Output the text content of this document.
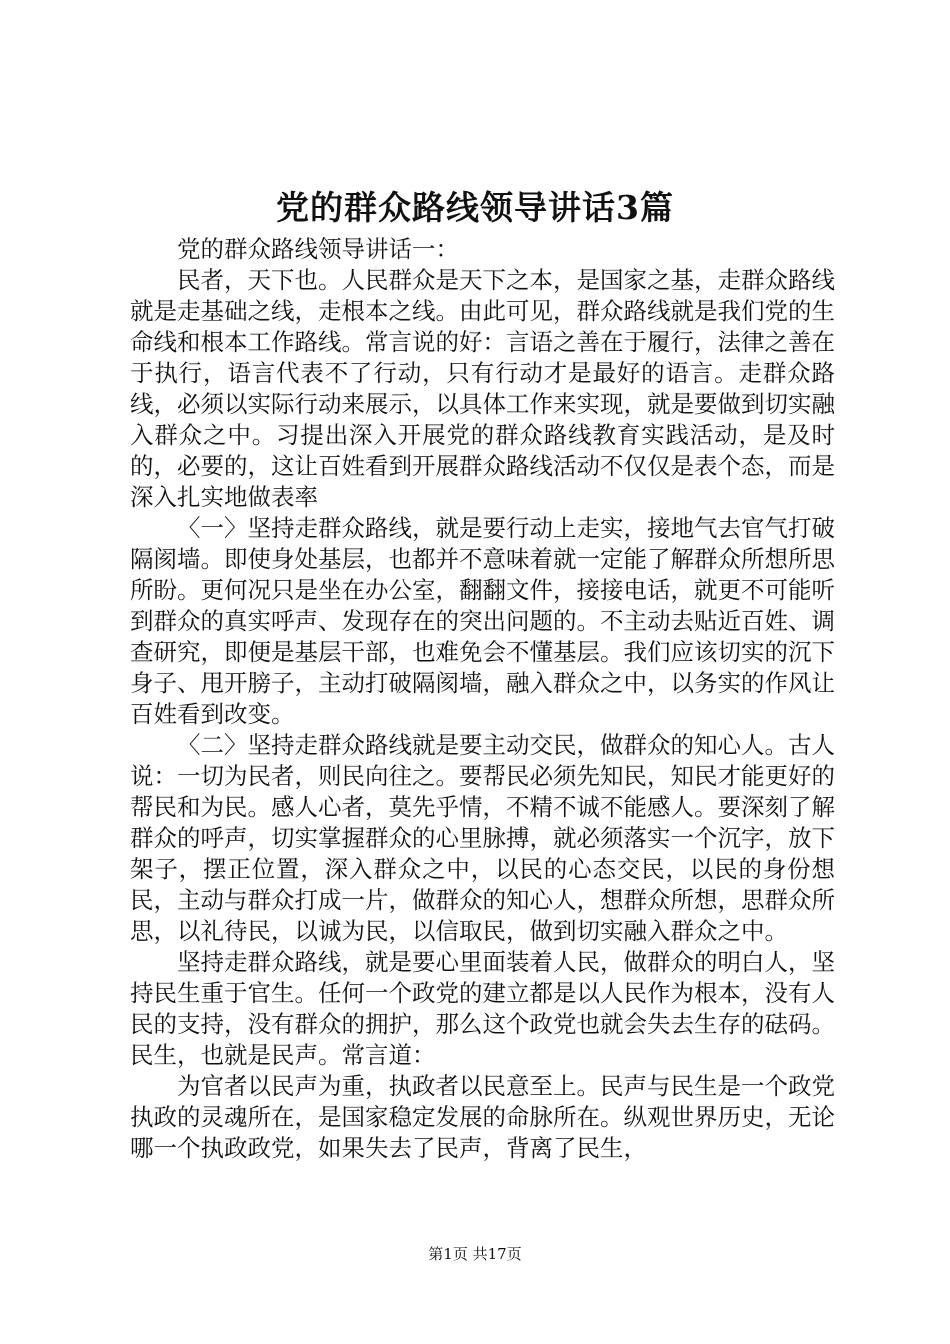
党的群众路线领导讲话3篇

党的群众路线领导讲话一：

民者，天下也。人民群众是天下之本，是国家之基，走群众路线就是走基础之线，走根本之线。由此可见，群众路线就是我们党的生命线和根本工作路线。常言说的好：言语之善在于履行，法律之善在于执行，语言代表不了行动，只有行动才是最好的语言。走群众路线，必须以实际行动来展示，以具体工作来实现，就是要做到切实融入群众之中。习提出深入开展党的群众路线教育实践活动，是及时的，必要的，这让百姓看到开展群众路线活动不仅仅是表个态，而是深入扎实地做表率

〈一〉坚持走群众路线，就是要行动上走实，接地气去官气打破隔阂墙。即使身处基层，也都并不意味着就一定能了解群众所想所思所盼。更何况只是坐在办公室，翻翻文件，接接电话，就更不可能听到群众的真实呼声、发现存在的突出问题的。不主动去贴近百姓、调查研究，即便是基层干部，也难免会不懂基层。我们应该切实的沉下身子、甩开膀子，主动打破隔阂墙，融入群众之中，以务实的作风让百姓看到改变。

〈二〉坚持走群众路线就是要主动交民，做群众的知心人。古人说：一切为民者，则民向往之。要帮民必须先知民，知民才能更好的帮民和为民。感人心者，莫先乎情，不精不诚不能感人。要深刻了解群众的呼声，切实掌握群众的心里脉搏，就必须落实一个沉字，放下架子，摆正位置，深入群众之中，以民的心态交民，以民的身份想民，主动与群众打成一片，做群众的知心人，想群众所想，思群众所思，以礼待民，以诚为民，以信取民，做到切实融入群众之中。

坚持走群众路线，就是要心里面装着人民，做群众的明白人，坚持民生重于官生。任何一个政党的建立都是以人民作为根本，没有人民的支持，没有群众的拥护，那么这个政党也就会失去生存的砝码。民生，也就是民声。常言道：

为官者以民声为重，执政者以民意至上。民声与民生是一个政党执政的灵魂所在，是国家稳定发展的命脉所在。纵观世界历史，无论哪一个执政政党，如果失去了民声，背离了民生，

第1页 共17页
